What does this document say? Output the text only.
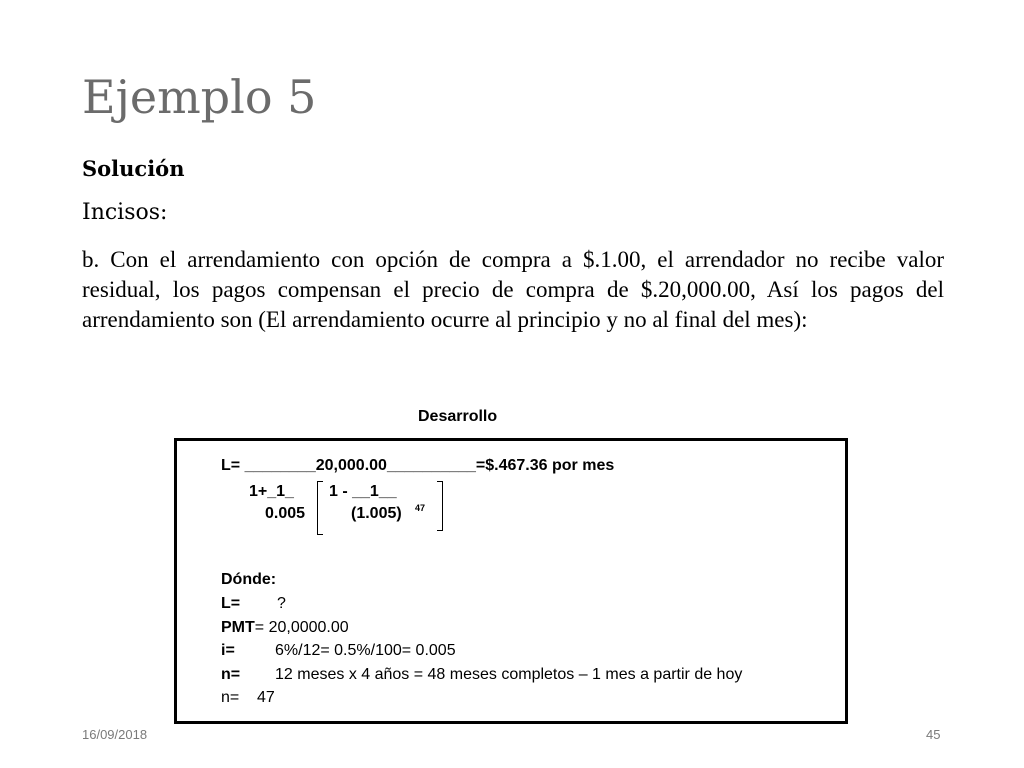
Ejemplo 5
Solución
Incisos:
b. Con el arrendamiento con opción de compra a $.1.00, el arrendador no recibe valor residual, los pagos compensan el precio de compra de $.20,000.00, Así los pagos del arrendamiento son (El arrendamiento ocurre al principio y no al final del mes):
Desarrollo
L= ________20,000.00__________=$.467.36 por mes
1+_1_
0.005
1 - __1__
(1.005) 47
Dónde:
L= ?
PMT= 20,0000.00
i=	6%/12= 0.5%/100= 0.005
n= 12 meses x 4 años = 48 meses completos – 1 mes a partir de hoy
n= 47
16/09/2018	45
